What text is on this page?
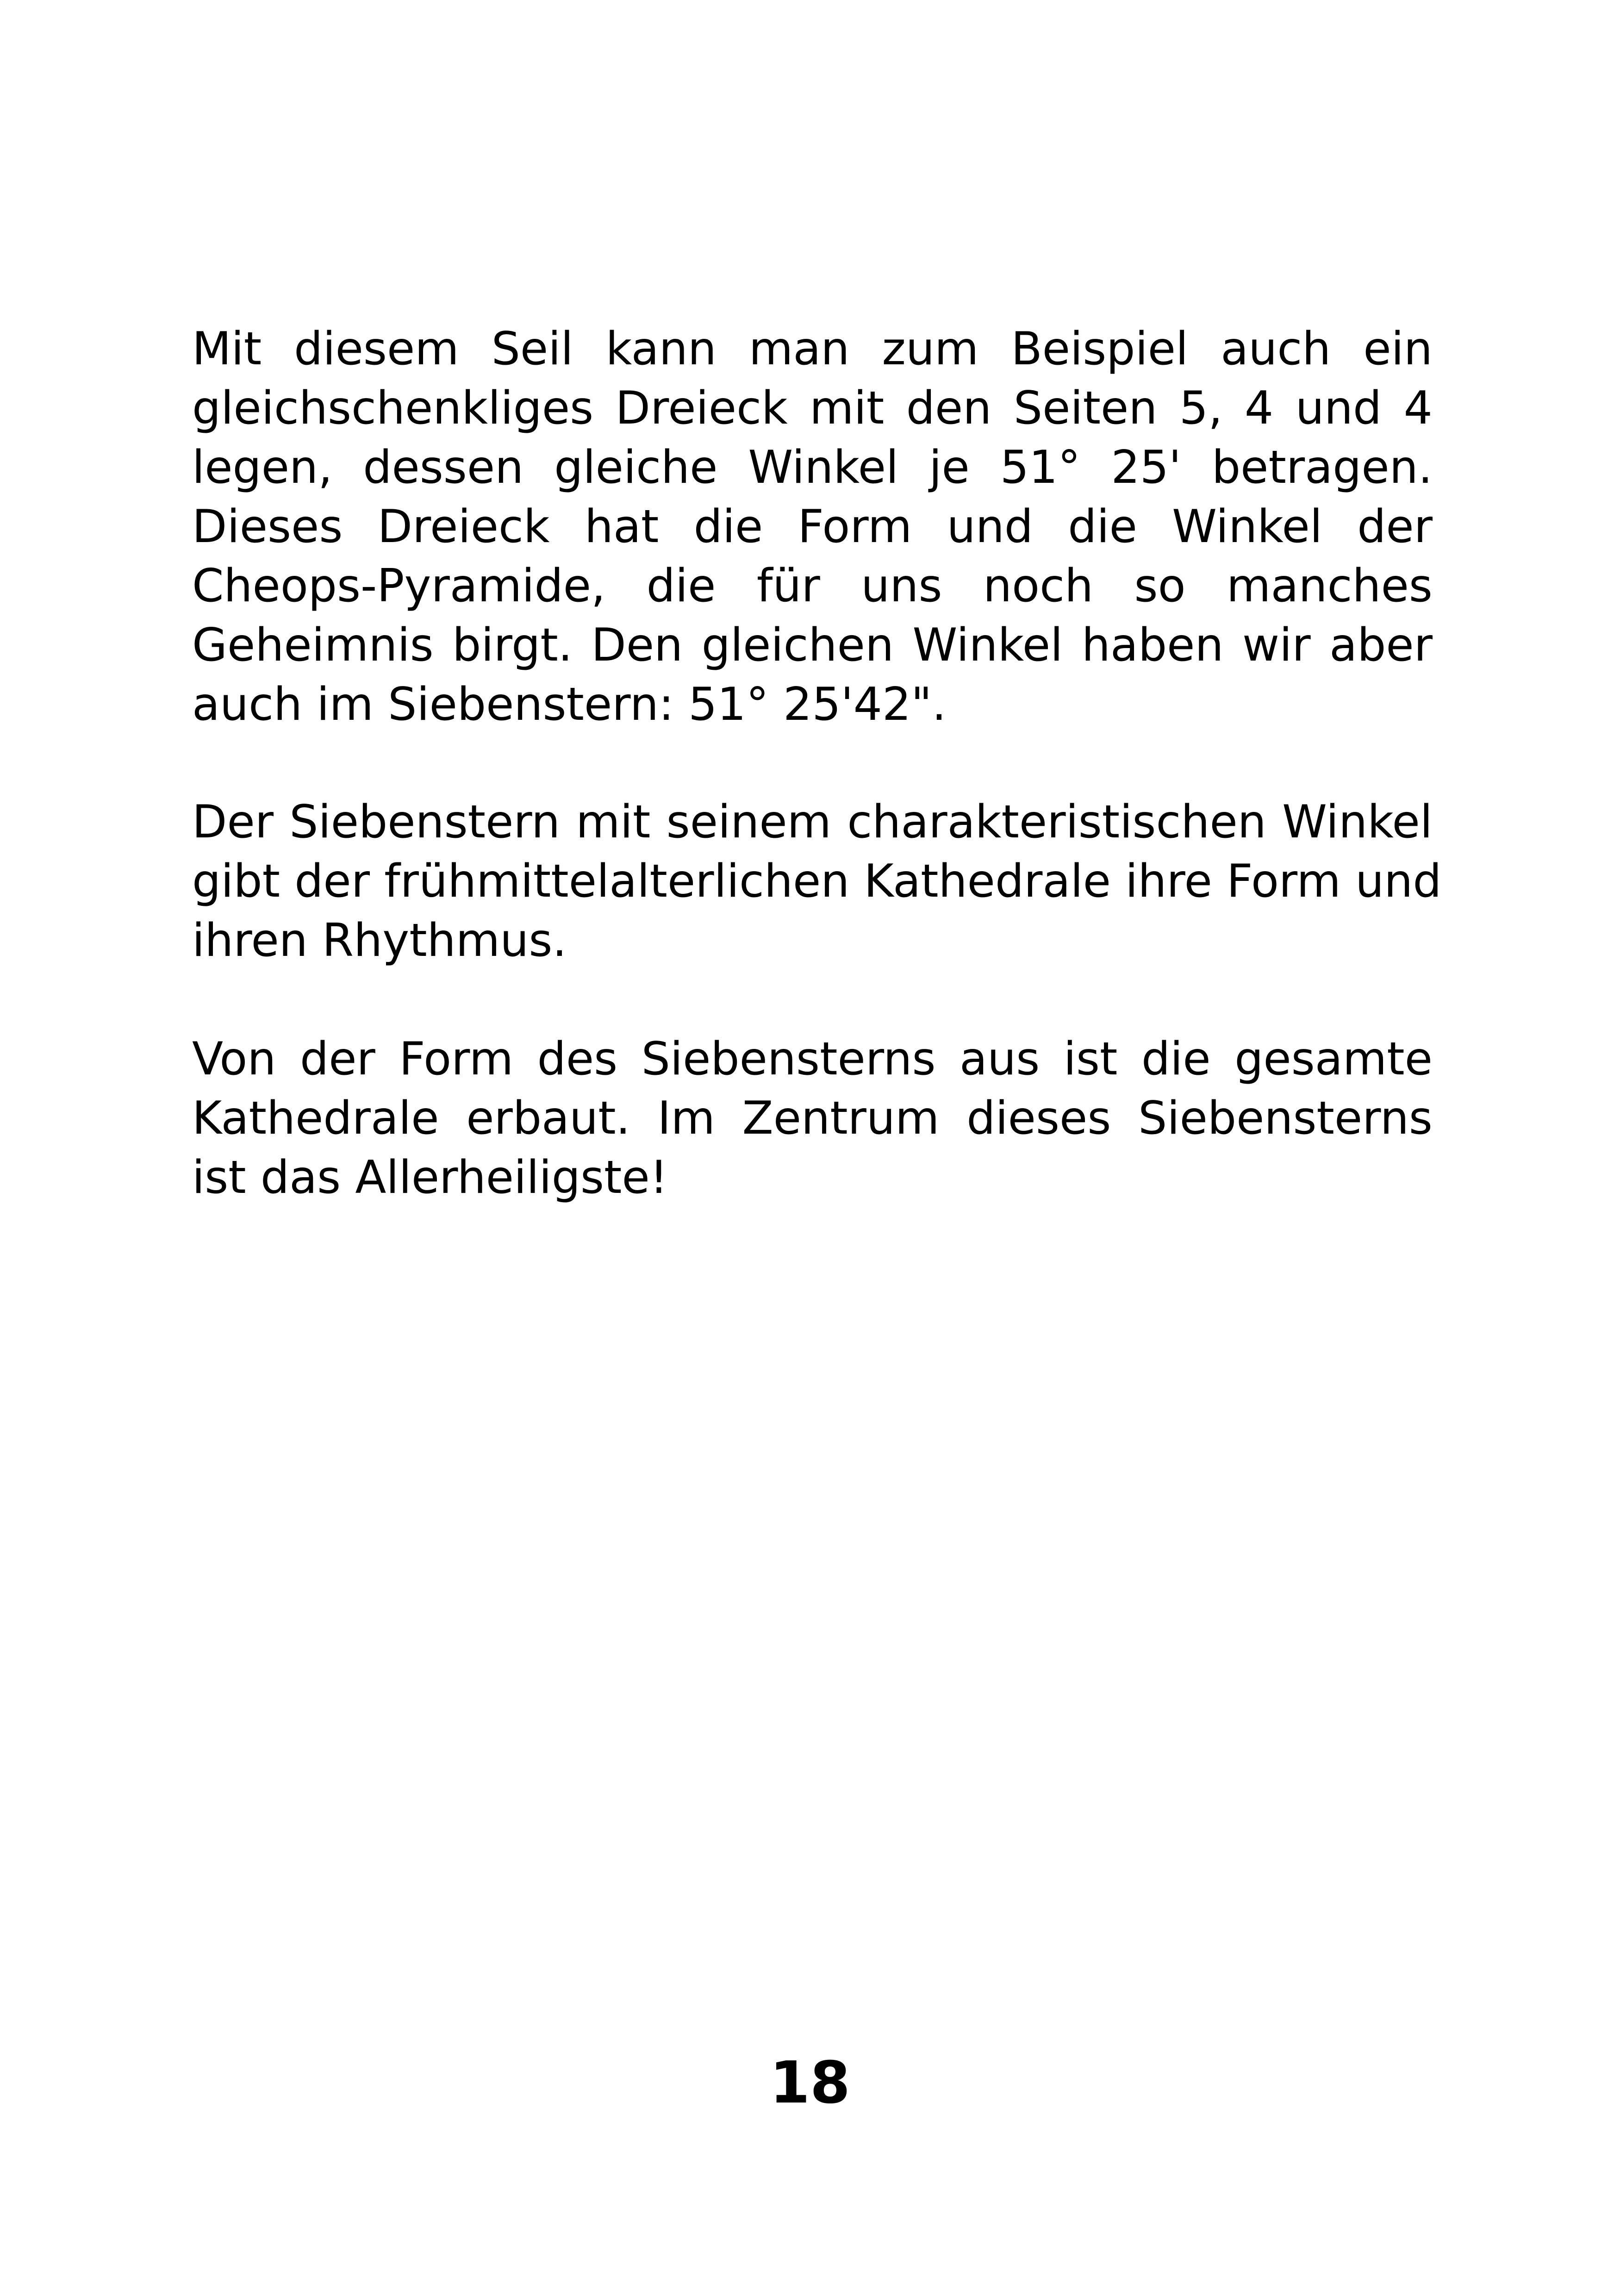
Mit diesem Seil kann man zum Beispiel auch ein
gleichschenkliges Dreieck mit den Seiten 5, 4 und 4
legen, dessen gleiche Winkel je 51° 25' betragen.
Dieses Dreieck hat die Form und die Winkel der
Cheops-Pyramide, die für uns noch so manches
Geheimnis birgt. Den gleichen Winkel haben wir aber
auch im Siebenstern: 51° 25'42".

Der Siebenstern mit seinem charakteristischen Winkel
gibt der frühmittelalterlichen Kathedrale ihre Form und
ihren Rhythmus.

Von der Form des Siebensterns aus ist die gesamte
Kathedrale erbaut. Im Zentrum dieses Siebensterns
ist das Allerheiligste!

18
